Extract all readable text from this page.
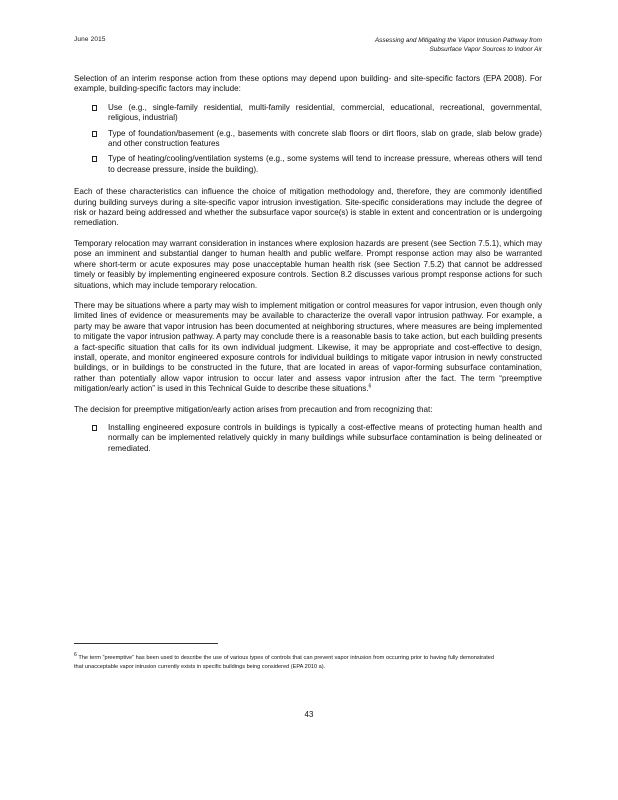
June 2015	Assessing and Mitigating the Vapor Intrusion Pathway from
Subsurface Vapor Sources to Indoor Air

Selection of an interim response action from these options may depend upon building- and site-specific factors (EPA 2008). For example, building-specific factors may include:

Use (e.g., single-family residential, multi-family residential, commercial, educational, recreational, governmental, religious, industrial)
Type of foundation/basement (e.g., basements with concrete slab floors or dirt floors, slab on grade, slab below grade) and other construction features
Type of heating/cooling/ventilation systems (e.g., some systems will tend to increase pressure, whereas others will tend to decrease pressure, inside the building).

Each of these characteristics can influence the choice of mitigation methodology and, therefore, they are commonly identified during building surveys during a site-specific vapor intrusion investigation. Site-specific considerations may include the degree of risk or hazard being addressed and whether the subsurface vapor source(s) is stable in extent and concentration or is undergoing remediation.

Temporary relocation may warrant consideration in instances where explosion hazards are present (see Section 7.5.1), which may pose an imminent and substantial danger to human health and public welfare. Prompt response action may also be warranted where short-term or acute exposures may pose unacceptable human health risk (see Section 7.5.2) that cannot be addressed timely or feasibly by implementing engineered exposure controls. Section 8.2 discusses various prompt response actions for such situations, which may include temporary relocation.

There may be situations where a party may wish to implement mitigation or control measures for vapor intrusion, even though only limited lines of evidence or measurements may be available to characterize the overall vapor intrusion pathway. For example, a party may be aware that vapor intrusion has been documented at neighboring structures, where measures are being implemented to mitigate the vapor intrusion pathway. A party may conclude there is a reasonable basis to take action, but each building presents a fact-specific situation that calls for its own individual judgment. Likewise, it may be appropriate and cost-effective to design, install, operate, and monitor engineered exposure controls for individual buildings to mitigate vapor intrusion in newly constructed buildings, or in buildings to be constructed in the future, that are located in areas of vapor-forming subsurface contamination, rather than potentially allow vapor intrusion to occur later and assess vapor intrusion after the fact. The term “preemptive mitigation/early action” is used in this Technical Guide to describe these situations.$^6$

The decision for preemptive mitigation/early action arises from precaution and from recognizing that:

Installing engineered exposure controls in buildings is typically a cost-effective means of protecting human health and normally can be implemented relatively quickly in many buildings while subsurface contamination is being delineated or remediated.
$^6$ The term “preemptive” has been used to describe the use of various types of controls that can prevent vapor intrusion from occurring prior to having fully demonstrated that unacceptable vapor intrusion currently exists in specific buildings being considered (EPA 2010 a).
43
